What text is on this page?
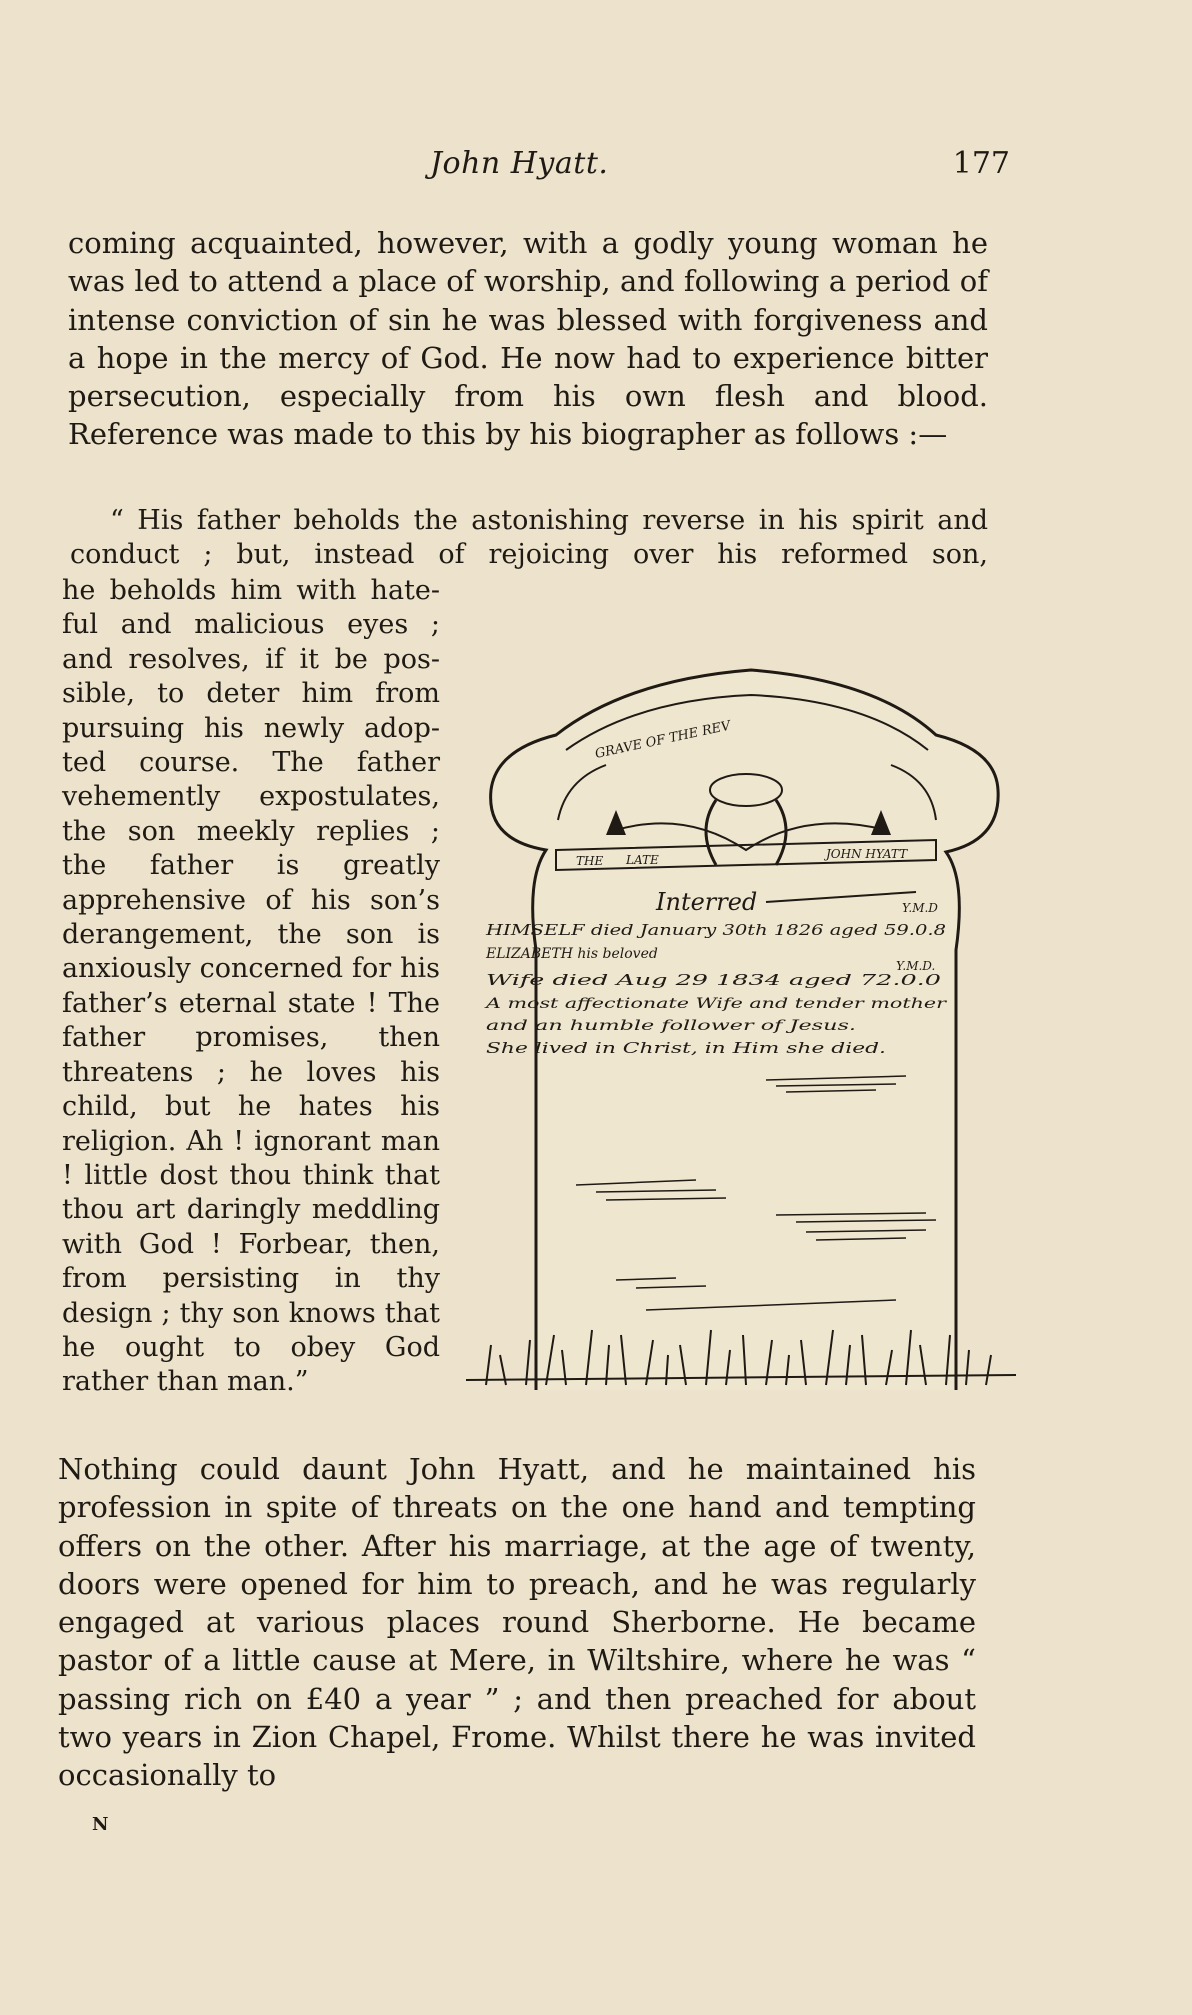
John Hyatt.	177

coming acquainted, however, with a godly young woman he was led to attend a place of worship, and following a period of intense conviction of sin he was blessed with forgiveness and a hope in the mercy of God. He now had to experience bitter persecution, especially from his own flesh and blood. Reference was made to this by his biographer as follows :—

“ His father beholds the astonishing reverse in his spirit and conduct ; but, instead of rejoicing over his reformed son,

he beholds him with hateful and malicious eyes ; and resolves, if it be possible, to deter him from pursuing his newly adopted course. The father vehemently expostulates, the son meekly replies ; the father is greatly apprehensive of his son’s derangement, the son is anxiously concerned for his father’s eternal state ! The father promises, then threatens ; he loves his child, but he hates his religion. Ah ! ignorant man ! little dost thou think that thou art daringly meddling with God ! Forbear, then, from persisting in thy design ; thy son knows that he ought to obey God rather than man.”

GRAVE OF THE REV
THE LATE	JOHN HYATT
Interred	Y.M.D
HIMSELF died January 30th 1826 aged 59.0.8
ELIZABETH his beloved
Y.M.D.
Wife died Aug 29 1834 aged 72.0.0
A most affectionate Wife and tender mother
and an humble follower of Jesus.
She lived in Christ, in Him she died.

Nothing could daunt John Hyatt, and he maintained his profession in spite of threats on the one hand and tempting offers on the other. After his marriage, at the age of twenty, doors were opened for him to preach, and he was regularly engaged at various places round Sherborne. He became pastor of a little cause at Mere, in Wiltshire, where he was “ passing rich on £40 a year ” ; and then preached for about two years in Zion Chapel, Frome. Whilst there he was invited occasionally to

N
